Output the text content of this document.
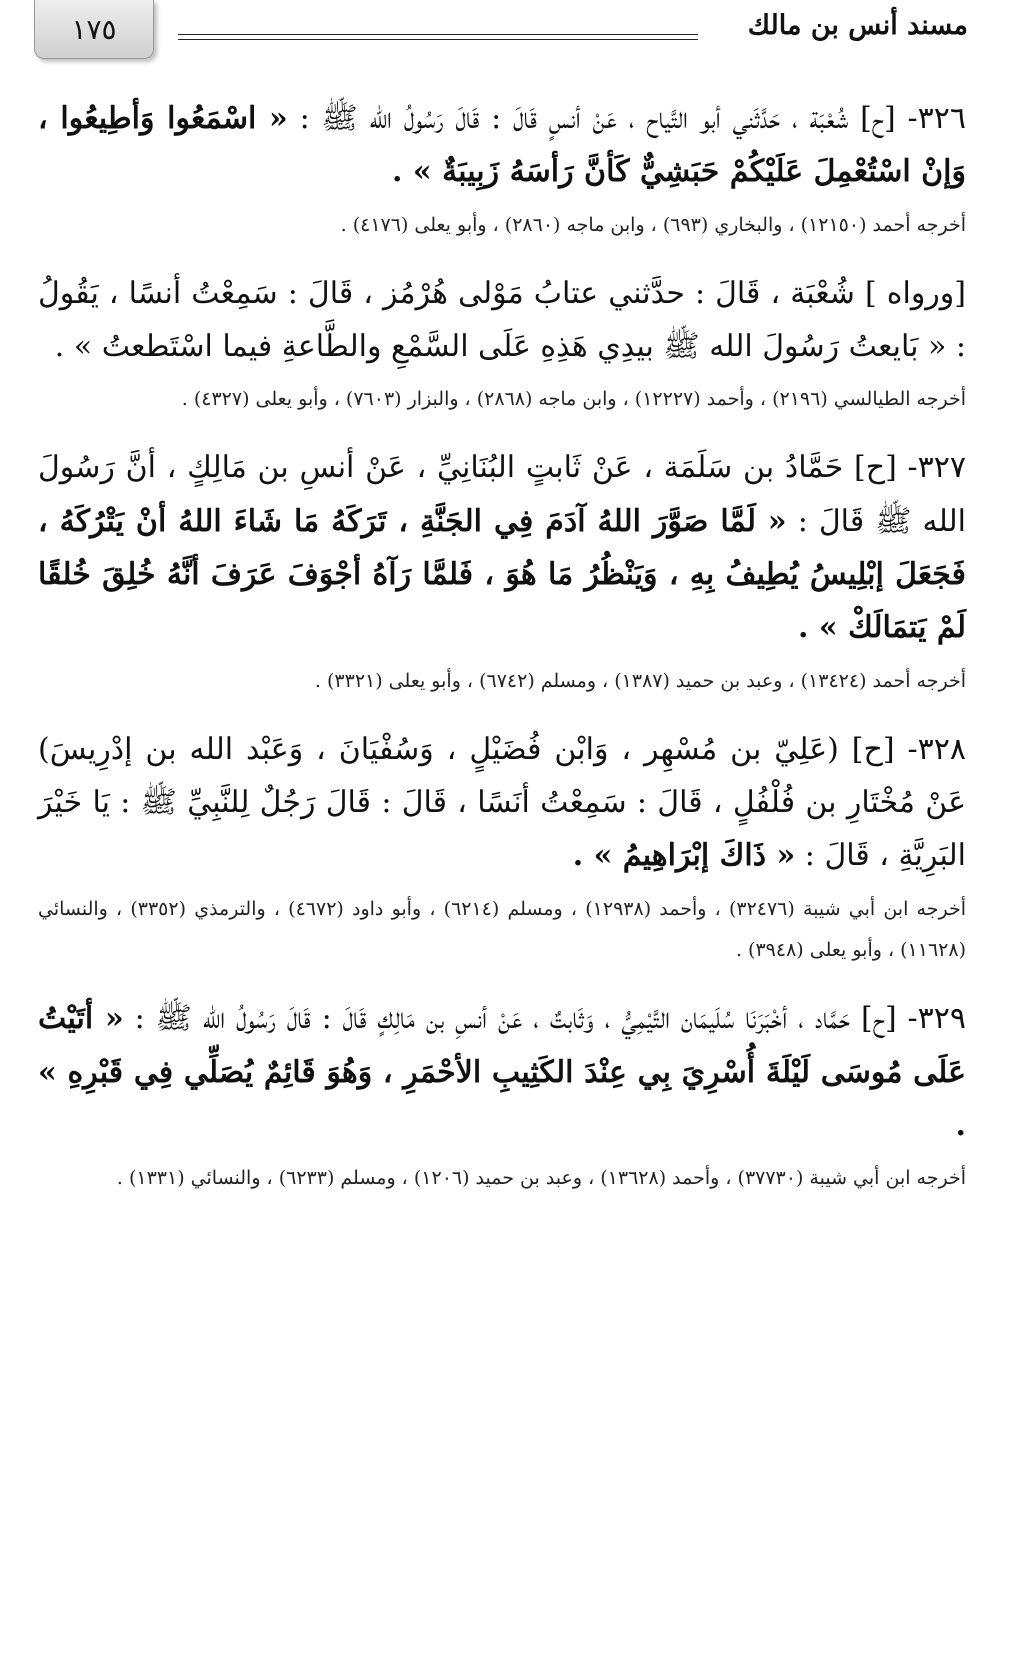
١٧٥	مسند أنس بن مالك

٣٢٦- [ح] شُعْبَة ، حَدَّثَني أبو التَّياح ، عَنْ أنسٍ قَالَ : قَالَ رَسُولُ الله ﷺ : « اسْمَعُوا وَأطِيعُوا ، وَإنْ اسْتُعْمِلَ عَلَيْكُمْ حَبَشِيٌّ كَأنَّ رَأسَهُ زَبِيبَةٌ » .

أخرجه أحمد (١٢١٥٠) ، والبخاري (٦٩٣) ، وابن ماجه (٢٨٦٠) ، وأبو يعلى (٤١٧٦) .

[ورواه ] شُعْبَة ، قَالَ : حدَّثني عتابُ مَوْلى هُرْمُز ، قَالَ : سَمِعْتُ أنسًا ، يَقُولُ : « بَايعتُ رَسُولَ الله ﷺ بيدِي هَذِهِ عَلَى السَّمْعِ والطَّاعةِ فيما اسْتَطعتُ » .

أخرجه الطيالسي (٢١٩٦) ، وأحمد (١٢٢٢٧) ، وابن ماجه (٢٨٦٨) ، والبزار (٧٦٠٣) ، وأبو يعلى (٤٣٢٧) .

٣٢٧- [ح] حَمَّادُ بن سَلَمَة ، عَنْ ثَابتٍ البُنَانِيِّ ، عَنْ أنسِ بن مَالِكٍ ، أنَّ رَسُولَ الله ﷺ قَالَ : « لَمَّا صَوَّرَ اللهُ آدَمَ فِي الجَنَّةِ ، تَرَكَهُ مَا شَاءَ اللهُ أنْ يَتْرُكَهُ ، فَجَعَلَ إبْلِيسُ يُطِيفُ بِهِ ، وَيَنْظُرُ مَا هُوَ ، فَلمَّا رَآهُ أجْوَفَ عَرَفَ أنَّهُ خُلِقَ خُلقًا لَمْ يَتمَالَكْ » .

أخرجه أحمد (١٣٤٢٤) ، وعبد بن حميد (١٣٨٧) ، ومسلم (٦٧٤٢) ، وأبو يعلى (٣٣٢١) .

٣٢٨- [ح] (عَلِيّ بن مُسْهِر ، وَابْن فُضَيْلٍ ، وَسُفْيَانَ ، وَعَبْد الله بن إدْرِيسَ) عَنْ مُخْتَارِ بن فُلْفُلٍ ، قَالَ : سَمِعْتُ أنَسًا ، قَالَ : قَالَ رَجُلٌ لِلنَّبِيِّ ﷺ : يَا خَيْرَ البَرِيَّةِ ، قَالَ : « ذَاكَ إبْرَاهِيمُ » .

أخرجه ابن أبي شيبة (٣٢٤٧٦) ، وأحمد (١٢٩٣٨) ، ومسلم (٦٢١٤) ، وأبو داود (٤٦٧٢) ، والترمذي (٣٣٥٢) ، والنسائي (١١٦٢٨) ، وأبو يعلى (٣٩٤٨) .

٣٢٩- [ح] حَمَّاد ، أخْبَرَنَا سُلَيمَان التَّيْمِيُّ ، وَثَابتٌ ، عَنْ أنسِ بن مَالِكٍ قَالَ : قَالَ رَسُولُ الله ﷺ : « أتَيْتُ عَلَى مُوسَى لَيْلَةَ أُسْرِيَ بِي عِنْدَ الكَثِيبِ الأحْمَرِ ، وَهُوَ قَائِمٌ يُصَلِّي فِي قَبْرِهِ » .

أخرجه ابن أبي شيبة (٣٧٧٣٠) ، وأحمد (١٣٦٢٨) ، وعبد بن حميد (١٢٠٦) ، ومسلم (٦٢٣٣) ، والنسائي (١٣٣١) .
